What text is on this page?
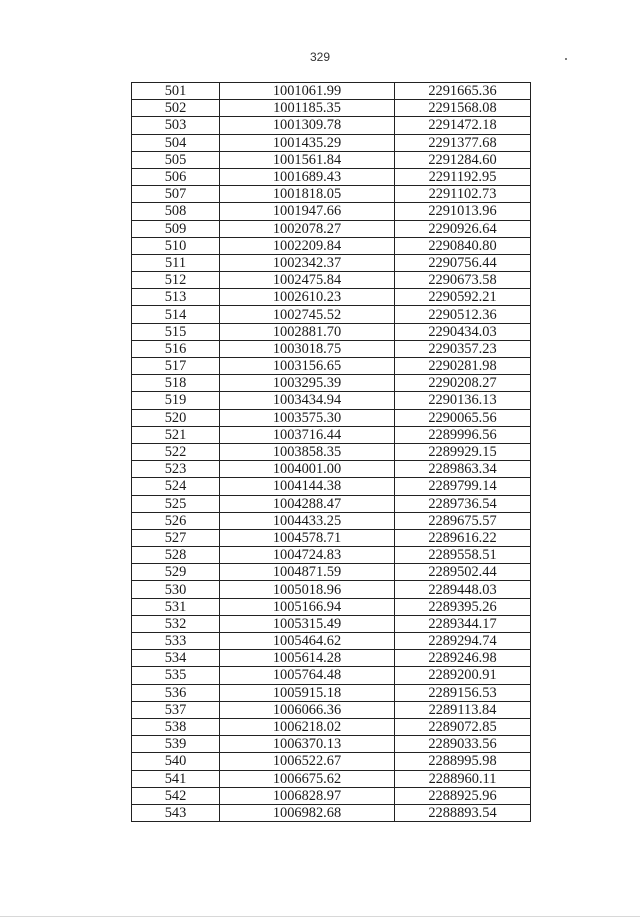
329
501	1001061.99	2291665.36
502	1001185.35	2291568.08
503	1001309.78	2291472.18
504	1001435.29	2291377.68
505	1001561.84	2291284.60
506	1001689.43	2291192.95
507	1001818.05	2291102.73
508	1001947.66	2291013.96
509	1002078.27	2290926.64
510	1002209.84	2290840.80
511	1002342.37	2290756.44
512	1002475.84	2290673.58
513	1002610.23	2290592.21
514	1002745.52	2290512.36
515	1002881.70	2290434.03
516	1003018.75	2290357.23
517	1003156.65	2290281.98
518	1003295.39	2290208.27
519	1003434.94	2290136.13
520	1003575.30	2290065.56
521	1003716.44	2289996.56
522	1003858.35	2289929.15
523	1004001.00	2289863.34
524	1004144.38	2289799.14
525	1004288.47	2289736.54
526	1004433.25	2289675.57
527	1004578.71	2289616.22
528	1004724.83	2289558.51
529	1004871.59	2289502.44
530	1005018.96	2289448.03
531	1005166.94	2289395.26
532	1005315.49	2289344.17
533	1005464.62	2289294.74
534	1005614.28	2289246.98
535	1005764.48	2289200.91
536	1005915.18	2289156.53
537	1006066.36	2289113.84
538	1006218.02	2289072.85
539	1006370.13	2289033.56
540	1006522.67	2288995.98
541	1006675.62	2288960.11
542	1006828.97	2288925.96
543	1006982.68	2288893.54
